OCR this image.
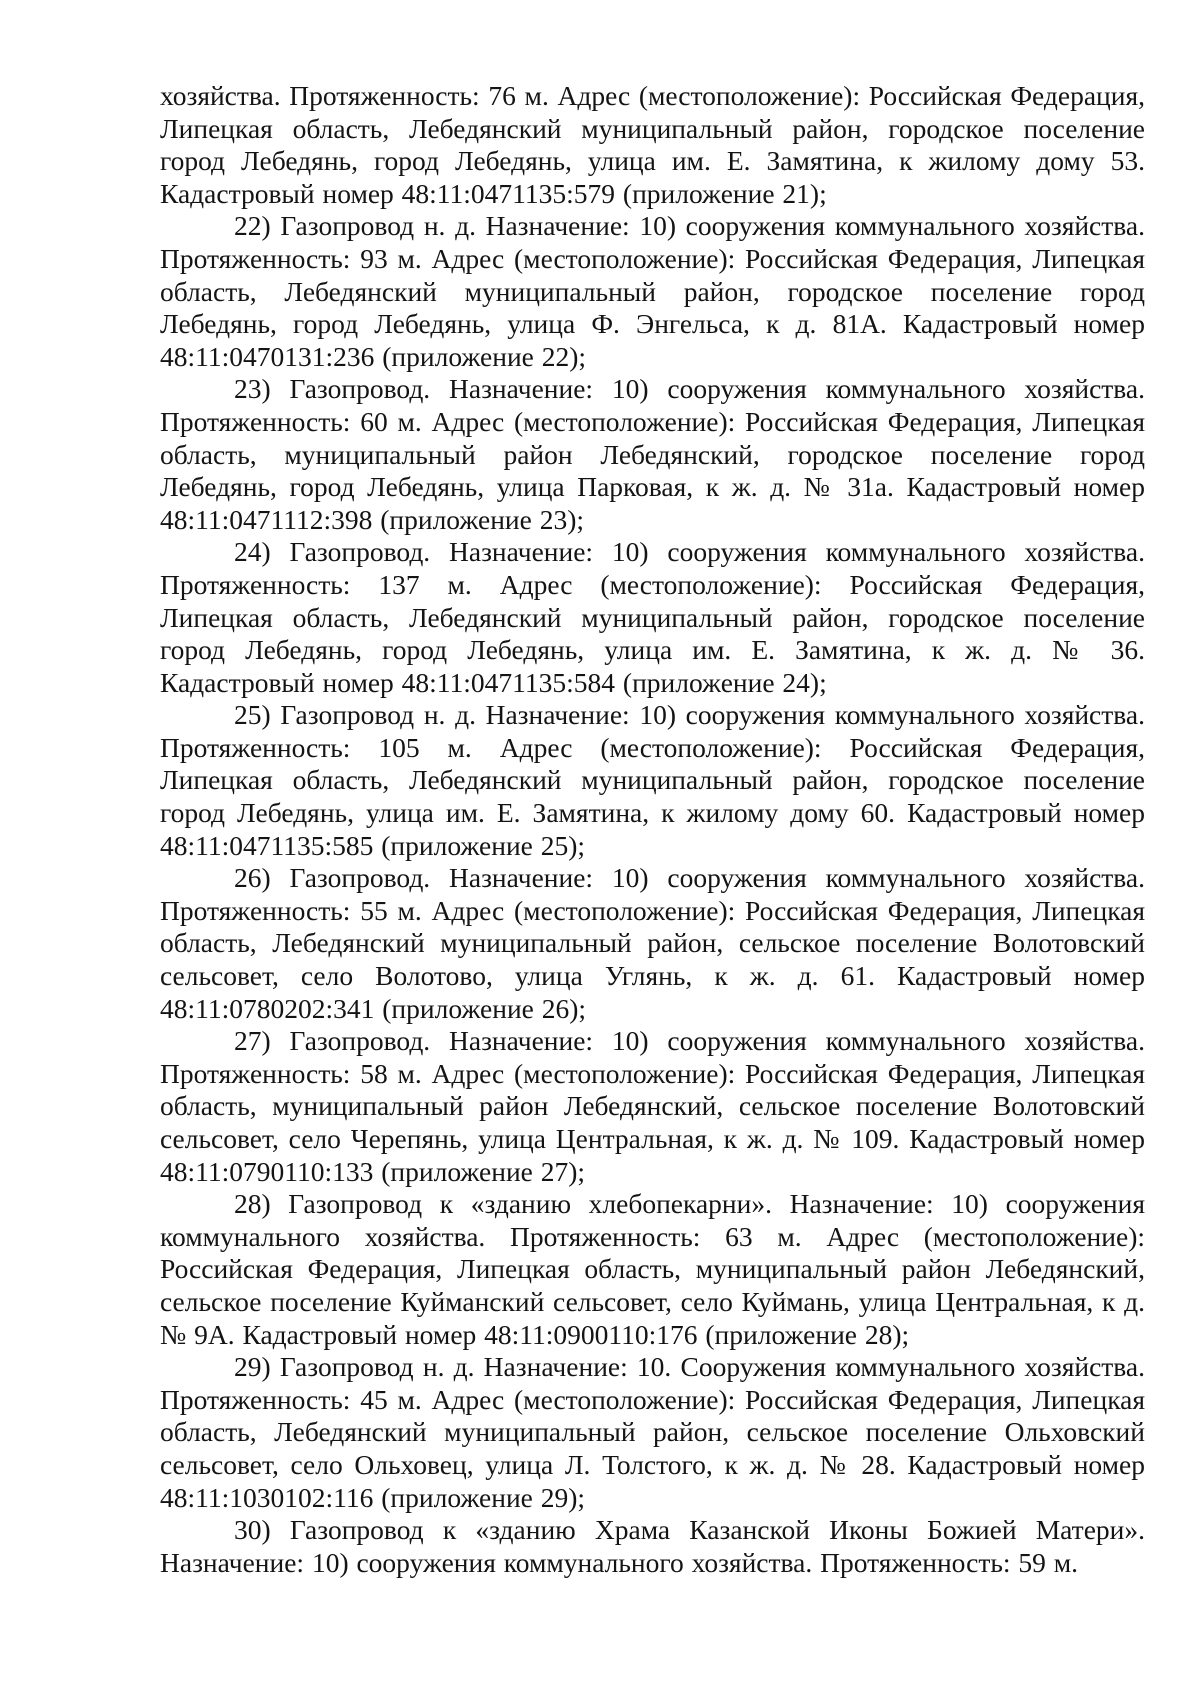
хозяйства. Протяженность: 76 м. Адрес (местоположение): Российская Федерация, Липецкая область, Лебедянский муниципальный район, городское поселение город Лебедянь, город Лебедянь, улица им. Е. Замятина, к жилому дому 53. Кадастровый номер 48:11:0471135:579 (приложение 21);

22) Газопровод н. д. Назначение: 10) сооружения коммунального хозяйства. Протяженность: 93 м. Адрес (местоположение): Российская Федерация, Липецкая область, Лебедянский муниципальный район, городское поселение город Лебедянь, город Лебедянь, улица Ф. Энгельса, к д. 81А. Кадастровый номер 48:11:0470131:236 (приложение 22);

23) Газопровод. Назначение: 10) сооружения коммунального хозяйства. Протяженность: 60 м. Адрес (местоположение): Российская Федерация, Липецкая область, муниципальный район Лебедянский, городское поселение город Лебедянь, город Лебедянь, улица Парковая, к ж. д. № 31а. Кадастровый номер 48:11:0471112:398 (приложение 23);

24) Газопровод. Назначение: 10) сооружения коммунального хозяйства. Протяженность: 137 м. Адрес (местоположение): Российская Федерация, Липецкая область, Лебедянский муниципальный район, городское поселение город Лебедянь, город Лебедянь, улица им. Е. Замятина, к ж. д. № 36. Кадастровый номер 48:11:0471135:584 (приложение 24);

25) Газопровод н. д. Назначение: 10) сооружения коммунального хозяйства. Протяженность: 105 м. Адрес (местоположение): Российская Федерация, Липецкая область, Лебедянский муниципальный район, городское поселение город Лебедянь, улица им. Е. Замятина, к жилому дому 60. Кадастровый номер 48:11:0471135:585 (приложение 25);

26) Газопровод. Назначение: 10) сооружения коммунального хозяйства. Протяженность: 55 м. Адрес (местоположение): Российская Федерация, Липецкая область, Лебедянский муниципальный район, сельское поселение Волотовский сельсовет, село Волотово, улица Углянь, к ж. д. 61. Кадастровый номер 48:11:0780202:341 (приложение 26);

27) Газопровод. Назначение: 10) сооружения коммунального хозяйства. Протяженность: 58 м. Адрес (местоположение): Российская Федерация, Липецкая область, муниципальный район Лебедянский, сельское поселение Волотовский сельсовет, село Черепянь, улица Центральная, к ж. д. № 109. Кадастровый номер 48:11:0790110:133 (приложение 27);

28) Газопровод к «зданию хлебопекарни». Назначение: 10) сооружения коммунального хозяйства. Протяженность: 63 м. Адрес (местоположение): Российская Федерация, Липецкая область, муниципальный район Лебедянский, сельское поселение Куйманский сельсовет, село Куймань, улица Центральная, к д. № 9А. Кадастровый номер 48:11:0900110:176 (приложение 28);

29) Газопровод н. д. Назначение: 10. Сооружения коммунального хозяйства. Протяженность: 45 м. Адрес (местоположение): Российская Федерация, Липецкая область, Лебедянский муниципальный район, сельское поселение Ольховский сельсовет, село Ольховец, улица Л. Толстого, к ж. д. № 28. Кадастровый номер 48:11:1030102:116 (приложение 29);

30) Газопровод к «зданию Храма Казанской Иконы Божией Матери». Назначение: 10) сооружения коммунального хозяйства. Протяженность: 59 м.
